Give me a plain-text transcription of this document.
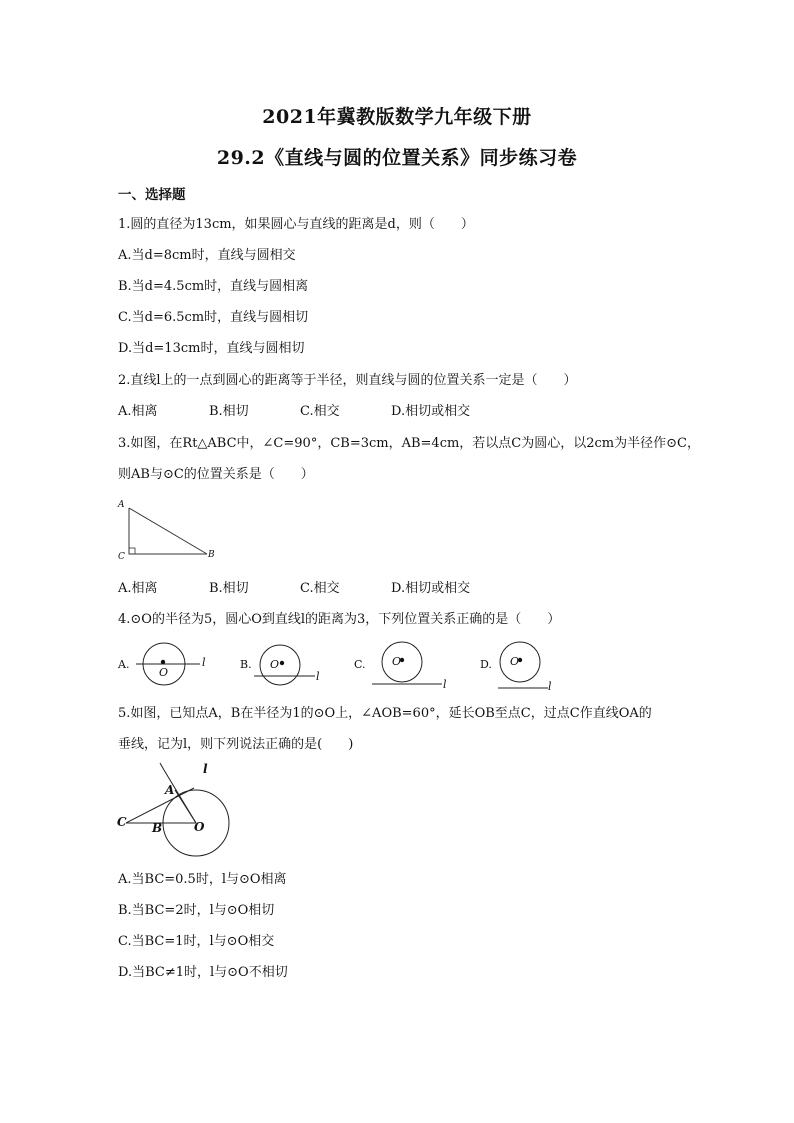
2021年冀教版数学九年级下册
29.2《直线与圆的位置关系》同步练习卷
一、选择题
1.圆的直径为13cm，如果圆心与直线的距离是d，则（　　）
A.当d=8cm时，直线与圆相交
B.当d=4.5cm时，直线与圆相离
C.当d=6.5cm时，直线与圆相切
D.当d=13cm时，直线与圆相切
2.直线l上的一点到圆心的距离等于半径，则直线与圆的位置关系一定是（　　）
A.相离	B.相切	C.相交	D.相切或相交
3.如图，在Rt△ABC中，∠C=90°，CB=3cm，AB=4cm，若以点C为圆心，以2cm为半径作⊙C，
则AB与⊙C的位置关系是（　　）
A
B
C
A.相离	B.相切	C.相交	D.相切或相交
4.⊙O的半径为5，圆心O到直线l的距离为3，下列位置关系正确的是（　　）
A.
O
l	B. O
l
C. O
l
D. O
l
5.如图，已知点A，B在半径为1的⊙O上，∠AOB=60°，延长OB至点C，过点C作直线OA的
垂线，记为l，则下列说法正确的是(　　)
l
A
B
C	O
A.当BC=0.5时，l与⊙O相离
B.当BC=2时，l与⊙O相切
C.当BC=1时，l与⊙O相交
D.当BC≠1时，l与⊙O不相切
